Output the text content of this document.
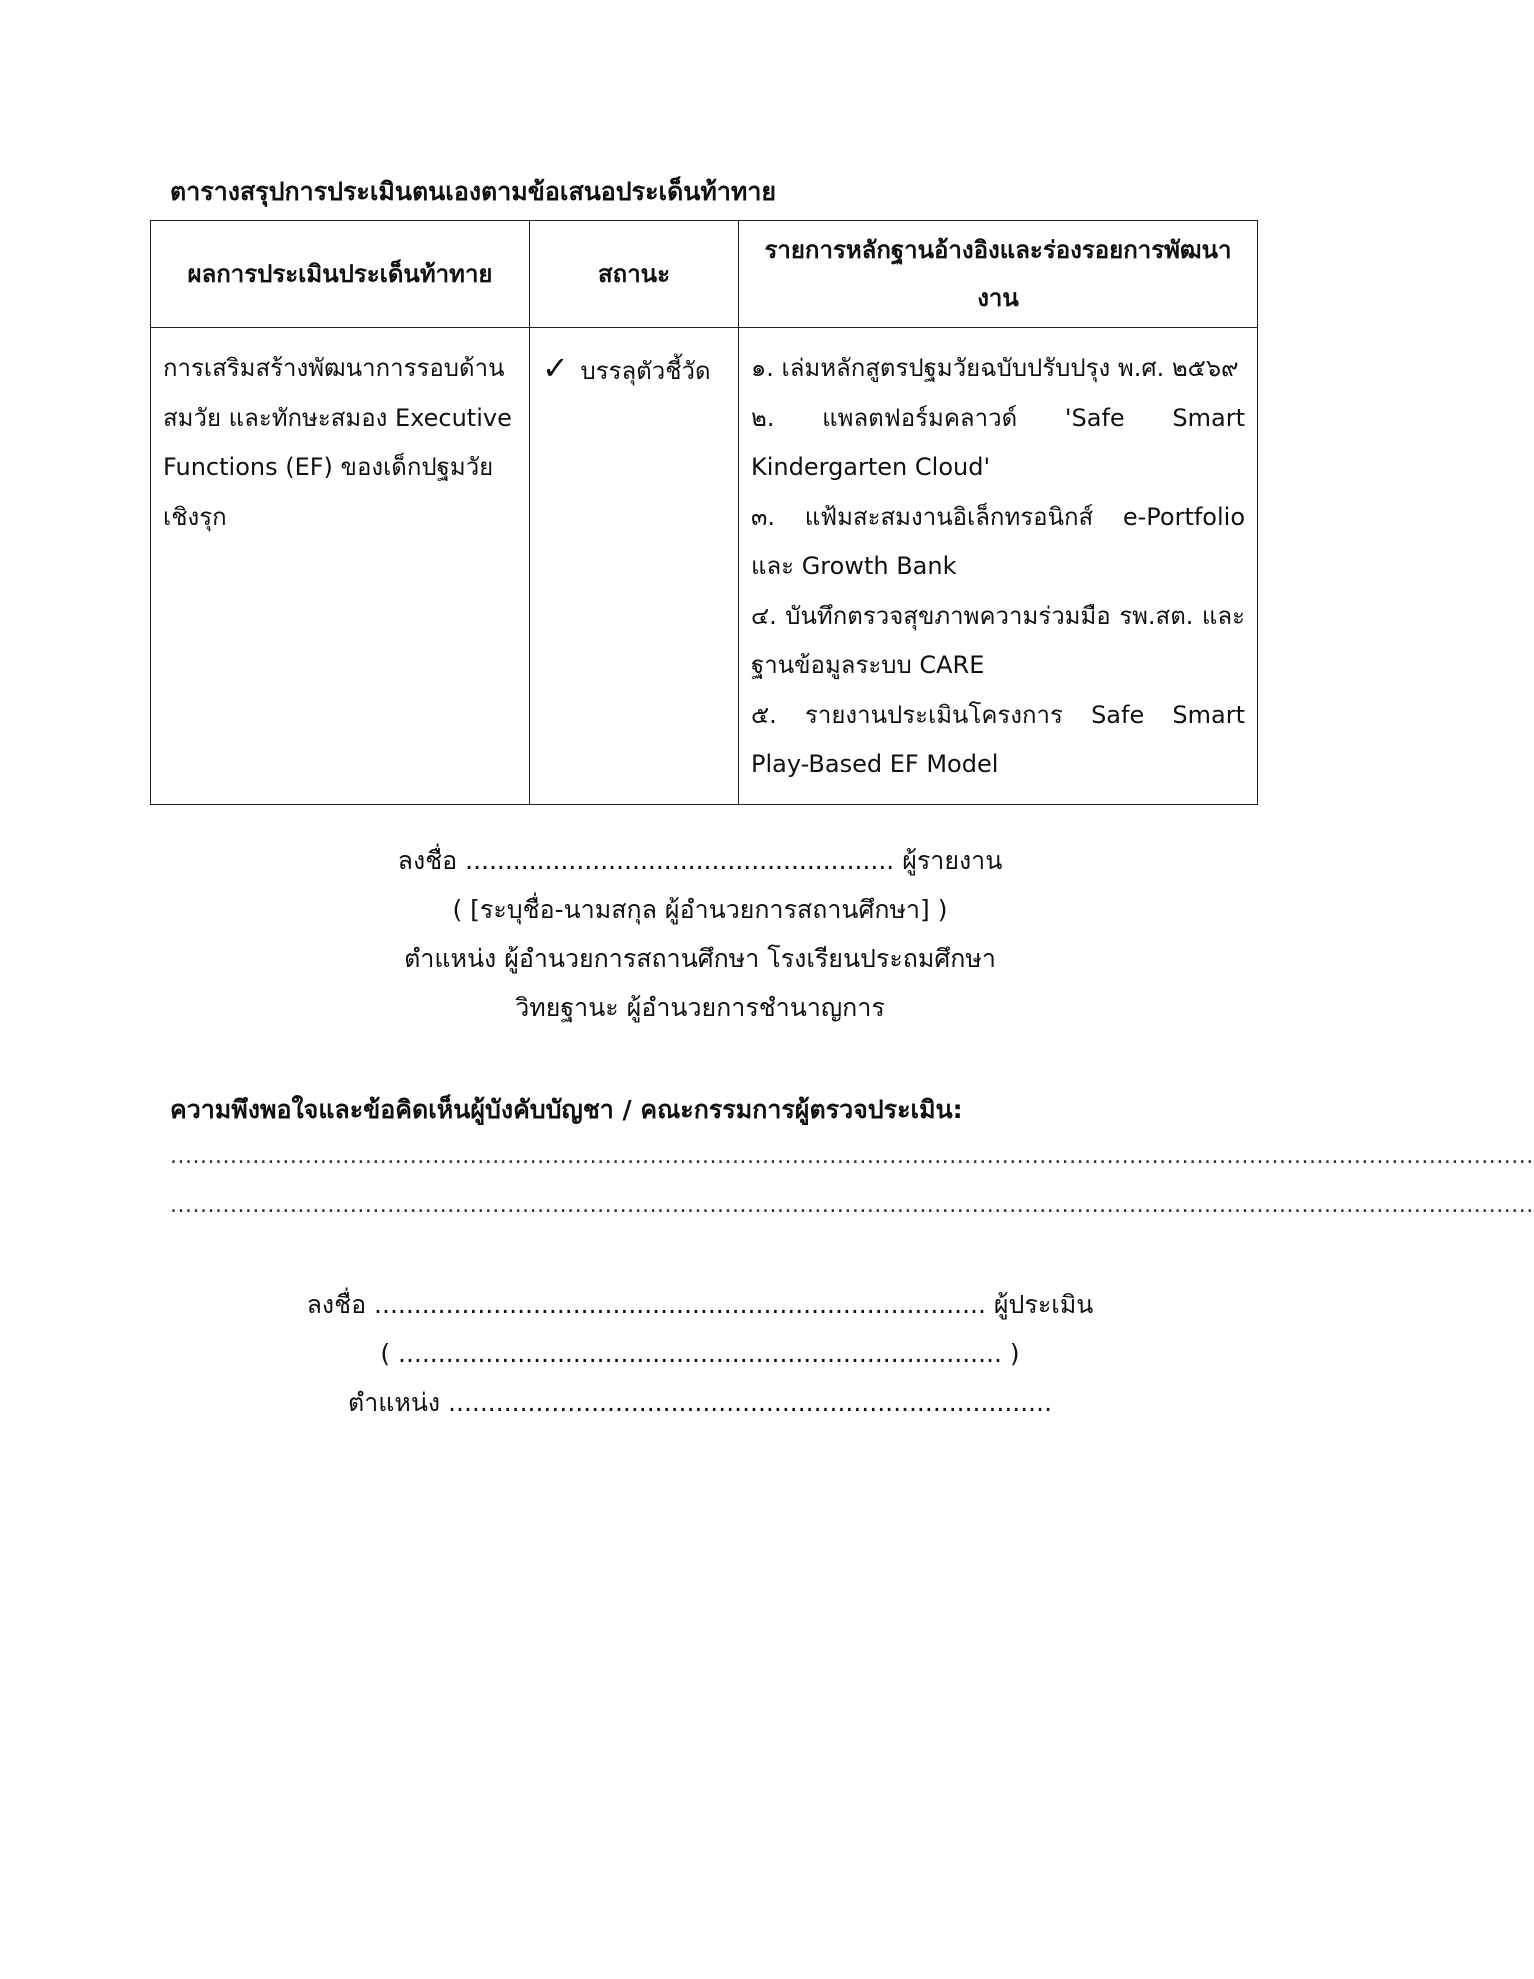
ตารางสรุปการประเมินตนเองตามข้อเสนอประเด็นท้าทาย
ผลการประเมินประเด็นท้าทาย	สถานะ	รายการหลักฐานอ้างอิงและร่องรอยการพัฒนางาน
การเสริมสร้างพัฒนาการรอบด้านสมวัย และทักษะสมอง Executive Functions (EF) ของเด็กปฐมวัยเชิงรุก	✓ บรรลุตัวชี้วัด	๑. เล่มหลักสูตรปฐมวัยฉบับปรับปรุง พ.ศ. ๒๕๖๙
๒. แพลตฟอร์มคลาวด์ 'Safe Smart Kindergarten Cloud'
๓. แฟ้มสะสมงานอิเล็กทรอนิกส์ e-Portfolio และ Growth Bank
๔. บันทึกตรวจสุขภาพความร่วมมือ รพ.สต. และฐานข้อมูลระบบ CARE
๕. รายงานประเมินโครงการ Safe Smart Play-Based EF Model
ลงชื่อ ...................................................... ผู้รายงาน
( [ระบุชื่อ-นามสกุล ผู้อำนวยการสถานศึกษา] )
ตำแหน่ง ผู้อำนวยการสถานศึกษา โรงเรียนประถมศึกษา
วิทยฐานะ ผู้อำนวยการชำนาญการ
ความพึงพอใจและข้อคิดเห็นผู้บังคับบัญชา / คณะกรรมการผู้ตรวจประเมิน:
......................................................................................................................................................................................
......................................................................................................................................................................................
ลงชื่อ ............................................................................. ผู้ประเมิน
( ............................................................................ )
ตำแหน่ง ............................................................................
